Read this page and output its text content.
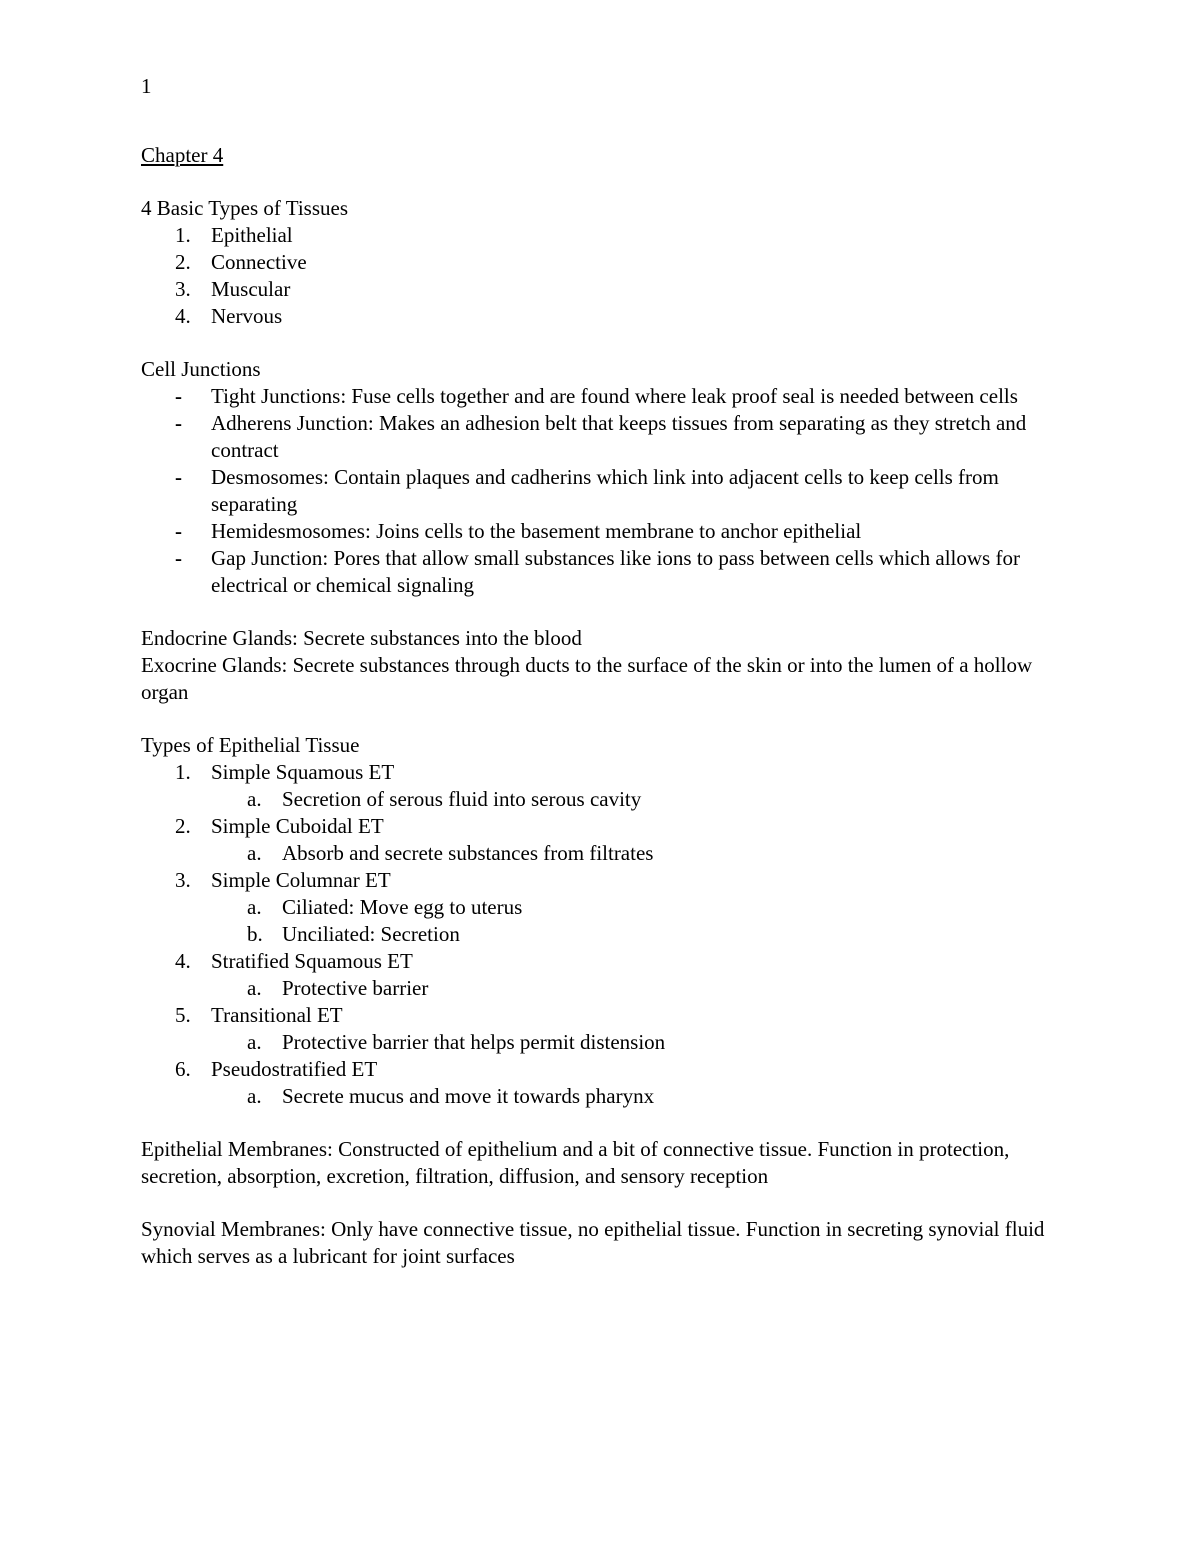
1
Chapter 4
4 Basic Types of Tissues
1. Epithelial
2. Connective
3. Muscular
4. Nervous
Cell Junctions
-	Tight Junctions: Fuse cells together and are found where leak proof seal is needed between cells
-	Adherens Junction: Makes an adhesion belt that keeps tissues from separating as they stretch and contract
-	Desmosomes: Contain plaques and cadherins which link into adjacent cells to keep cells from separating
-	Hemidesmosomes: Joins cells to the basement membrane to anchor epithelial
-	Gap Junction: Pores that allow small substances like ions to pass between cells which allows for electrical or chemical signaling
Endocrine Glands: Secrete substances into the blood
Exocrine Glands: Secrete substances through ducts to the surface of the skin or into the lumen of a hollow organ
Types of Epithelial Tissue
1. Simple Squamous ET
a. Secretion of serous fluid into serous cavity
2. Simple Cuboidal ET
a. Absorb and secrete substances from filtrates
3. Simple Columnar ET
a. Ciliated: Move egg to uterus
b. Unciliated: Secretion
4. Stratified Squamous ET
a. Protective barrier
5. Transitional ET
a. Protective barrier that helps permit distension
6. Pseudostratified ET
a. Secrete mucus and move it towards pharynx
Epithelial Membranes: Constructed of epithelium and a bit of connective tissue. Function in protection, secretion, absorption, excretion, filtration, diffusion, and sensory reception
Synovial Membranes: Only have connective tissue, no epithelial tissue. Function in secreting synovial fluid which serves as a lubricant for joint surfaces
